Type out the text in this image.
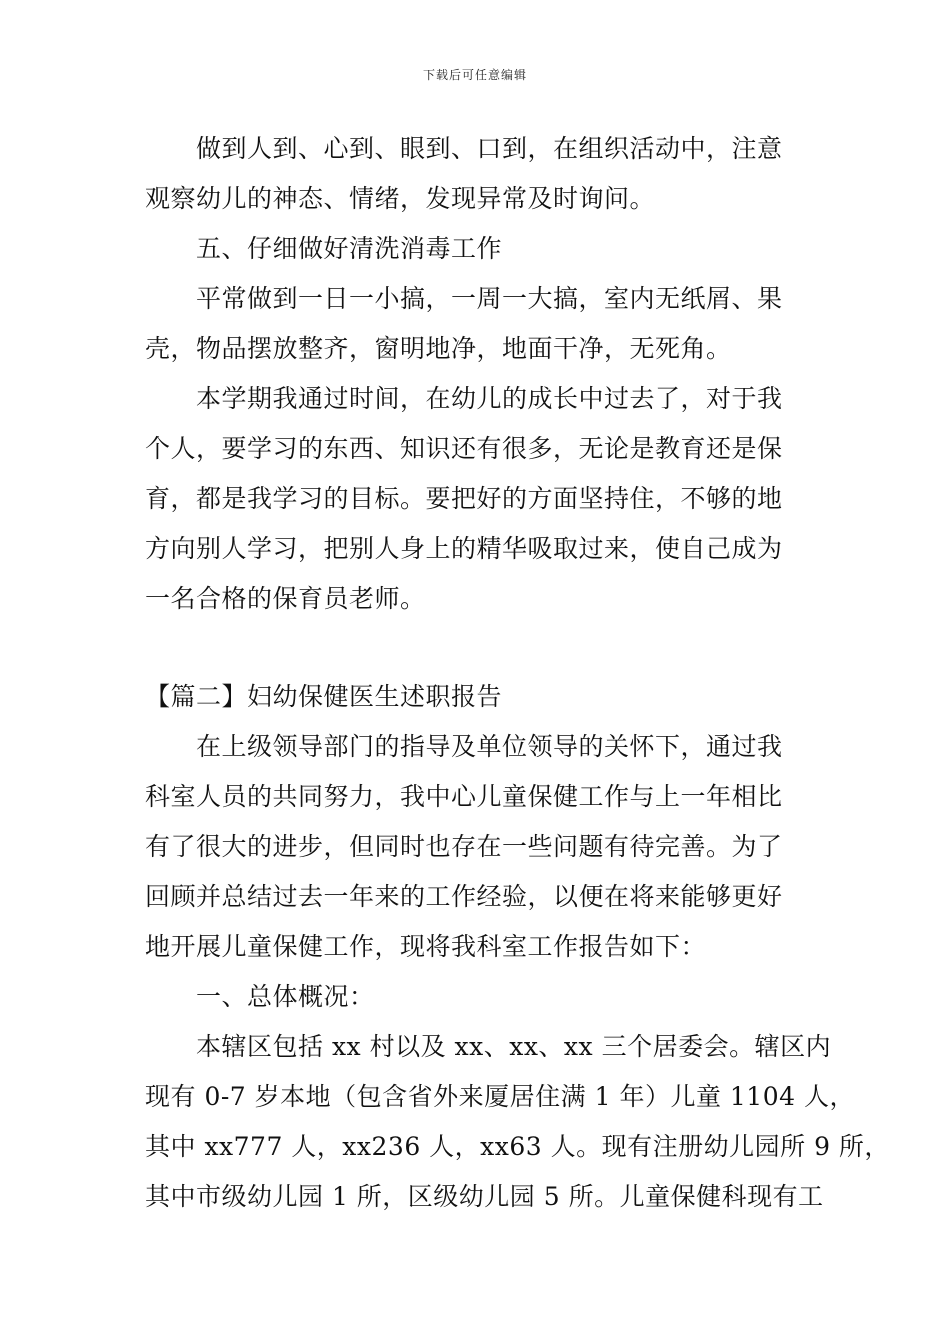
下载后可任意编辑
做到人到、心到、眼到、口到，在组织活动中，注意
观察幼儿的神态、情绪，发现异常及时询问。
五、仔细做好清洗消毒工作
平常做到一日一小搞，一周一大搞，室内无纸屑、果
壳，物品摆放整齐，窗明地净，地面干净，无死角。
本学期我通过时间，在幼儿的成长中过去了，对于我
个人，要学习的东西、知识还有很多，无论是教育还是保
育，都是我学习的目标。要把好的方面坚持住，不够的地
方向别人学习，把别人身上的精华吸取过来，使自己成为
一名合格的保育员老师。
【篇二】妇幼保健医生述职报告
在上级领导部门的指导及单位领导的关怀下，通过我
科室人员的共同努力，我中心儿童保健工作与上一年相比
有了很大的进步，但同时也存在一些问题有待完善。为了
回顾并总结过去一年来的工作经验，以便在将来能够更好
地开展儿童保健工作，现将我科室工作报告如下：
一、总体概况：
本辖区包括 xx 村以及 xx、xx、xx 三个居委会。辖区内
现有 0-7 岁本地（包含省外来厦居住满 1 年）儿童 1104 人，
其中 xx777 人，xx236 人，xx63 人。现有注册幼儿园所 9 所，
其中市级幼儿园 1 所，区级幼儿园 5 所。儿童保健科现有工
